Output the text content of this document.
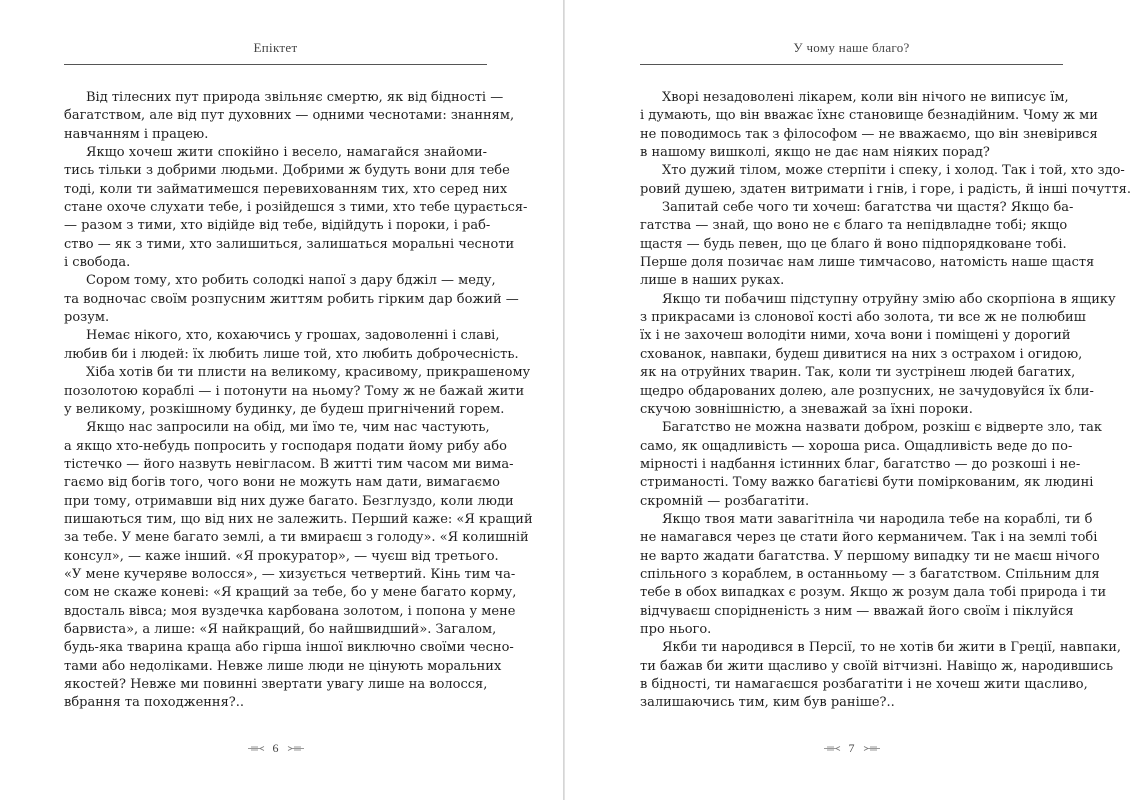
Епіктет
Від тілесних пут природа звільняє смертю, як від бідності —
багатством, але від пут духовних — одними чеснотами: знанням,
навчанням і працею.
Якщо хочеш жити спокійно і весело, намагайся знайоми-
тись тільки з добрими людьми. Добрими ж будуть вони для тебе
тоді, коли ти займатимешся перевихованням тих, хто серед них
стане охоче слухати тебе, і розійдешся з тими, хто тебе цурається-
— разом з тими, хто відійде від тебе, відійдуть і пороки, і раб-
ство — як з тими, хто залишиться, залишаться моральні чесноти
і свобода.
Сором тому, хто робить солодкі напої з дару бджіл — меду,
та водночас своїм розпусним життям робить гірким дар божий —
розум.
Немає нікого, хто, кохаючись у грошах, задоволенні і славі,
любив би і людей: їх любить лише той, хто любить доброчесність.
Хіба хотів би ти плисти на великому, красивому, прикрашеному
позолотою кораблі — і потонути на ньому? Тому ж не бажай жити
у великому, розкішному будинку, де будеш пригнічений горем.
Якщо нас запросили на обід, ми їмо те, чим нас частують,
а якщо хто-небудь попросить у господаря подати йому рибу або
тістечко — його назвуть невігласом. В житті тим часом ми вима-
гаємо від богів того, чого вони не можуть нам дати, вимагаємо
при тому, отримавши від них дуже багато. Безглуздо, коли люди
пишаються тим, що від них не залежить. Перший каже: «Я кращий
за тебе. У мене багато землі, а ти вмираєш з голоду». «Я колишній
консул», — каже інший. «Я прокуратор», — чуєш від третього.
«У мене кучеряве волосся», — хизується четвертий. Кінь тим ча-
сом не скаже коневі: «Я кращий за тебе, бо у мене багато корму,
вдосталь вівса; моя вуздечка карбована золотом, і попона у мене
барвиста», а лише: «Я найкращий, бо найшвидший». Загалом,
будь-яка тварина краща або гірша іншої виключно своїми чесно-
тами або недоліками. Невже лише люди не цінують моральних
якостей? Невже ми повинні звертати увагу лише на волосся,
вбрання та походження?..
6
У чому наше благо?
Хворі незадоволені лікарем, коли він нічого не виписує їм,
і думають, що він вважає їхнє становище безнадійним. Чому ж ми
не поводимось так з філософом — не вважаємо, що він зневірився
в нашому вишколі, якщо не дає нам ніяких порад?
Хто дужий тілом, може стерпіти і спеку, і холод. Так і той, хто здо-
ровий душею, здатен витримати і гнів, і горе, і радість, й інші почуття.
Запитай себе чого ти хочеш: багатства чи щастя? Якщо ба-
гатства — знай, що воно не є благо та непідвладне тобі; якщо
щастя — будь певен, що це благо й воно підпорядковане тобі.
Перше доля позичає нам лише тимчасово, натомість наше щастя
лише в наших руках.
Якщо ти побачиш підступну отруйну змію або скорпіона в ящику
з прикрасами із слонової кості або золота, ти все ж не полюбиш
їх і не захочеш володіти ними, хоча вони і поміщені у дорогий
схованок, навпаки, будеш дивитися на них з острахом і огидою,
як на отруйних тварин. Так, коли ти зустрінеш людей багатих,
щедро обдарованих долею, але розпусних, не зачудовуйся їх бли-
скучою зовнішністю, а зневажай за їхні пороки.
Багатство не можна назвати добром, розкіш є відверте зло, так
само, як ощадливість — хороша риса. Ощадливість веде до по-
мірності і надбання істинних благ, багатство — до розкоші і не-
стриманості. Тому важко багатієві бути поміркованим, як людині
скромній — розбагатіти.
Якщо твоя мати завагітніла чи народила тебе на кораблі, ти б
не намагався через це стати його керманичем. Так і на землі тобі
не варто жадати багатства. У першому випадку ти не маєш нічого
спільного з кораблем, в останньому — з багатством. Спільним для
тебе в обох випадках є розум. Якщо ж розум дала тобі природа і ти
відчуваєш спорідненість з ним — вважай його своїм і піклуйся
про нього.
Якби ти народився в Персії, то не хотів би жити в Греції, навпаки,
ти бажав би жити щасливо у своїй вітчизні. Навіщо ж, народившись
в бідності, ти намагаєшся розбагатіти і не хочеш жити щасливо,
залишаючись тим, ким був раніше?..
7
